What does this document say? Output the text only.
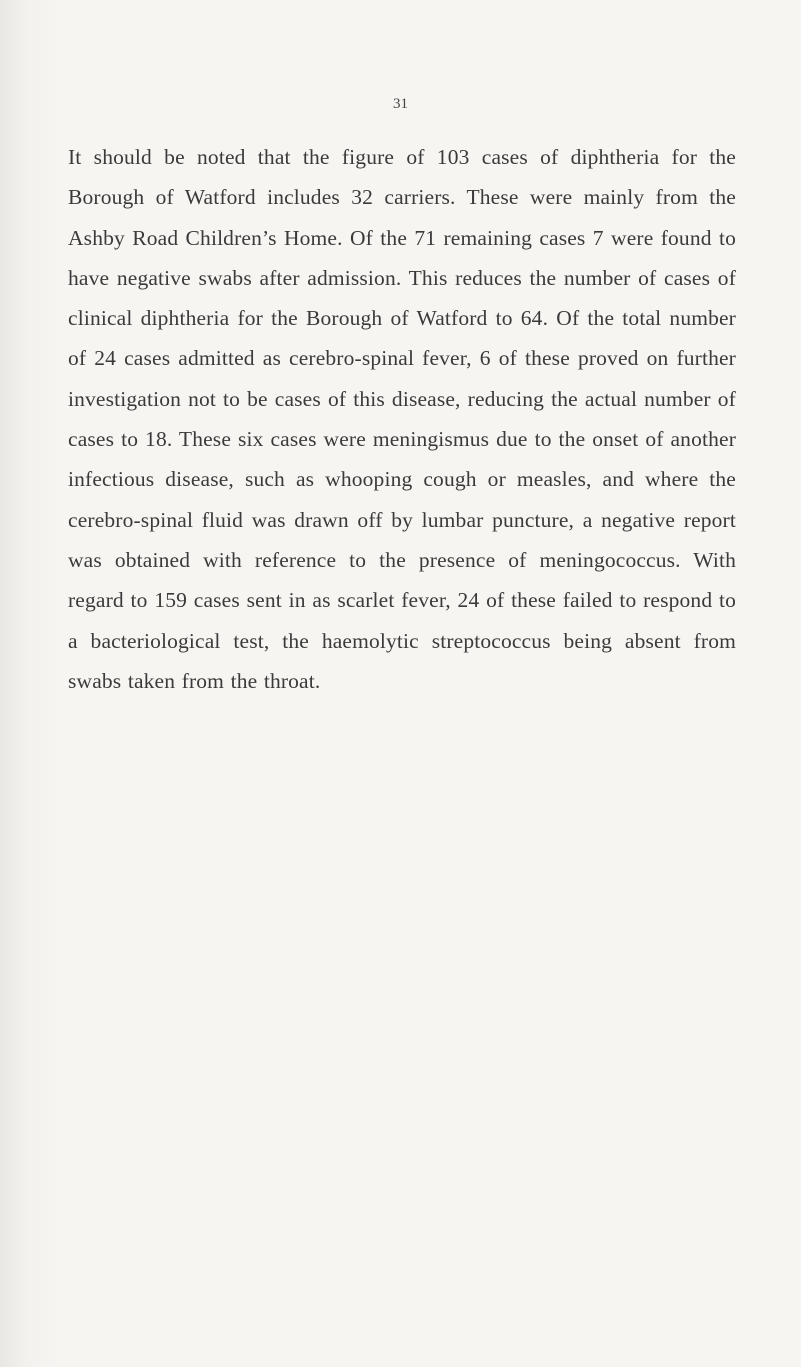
31

It should be noted that the figure of 103 cases of diphtheria for the Borough of Watford includes 32 carriers. These were mainly from the Ashby Road Children’s Home. Of the 71 remaining cases 7 were found to have negative swabs after admission. This reduces the number of cases of clinical diphtheria for the Borough of Watford to 64. Of the total number of 24 cases admitted as cerebro-spinal fever, 6 of these proved on further investigation not to be cases of this disease, reducing the actual number of cases to 18. These six cases were meningismus due to the onset of another infectious disease, such as whooping cough or measles, and where the cerebro-spinal fluid was drawn off by lumbar puncture, a negative report was obtained with reference to the presence of meningococcus. With regard to 159 cases sent in as scarlet fever, 24 of these failed to respond to a bacteriological test, the haemolytic streptococcus being absent from swabs taken from the throat.
